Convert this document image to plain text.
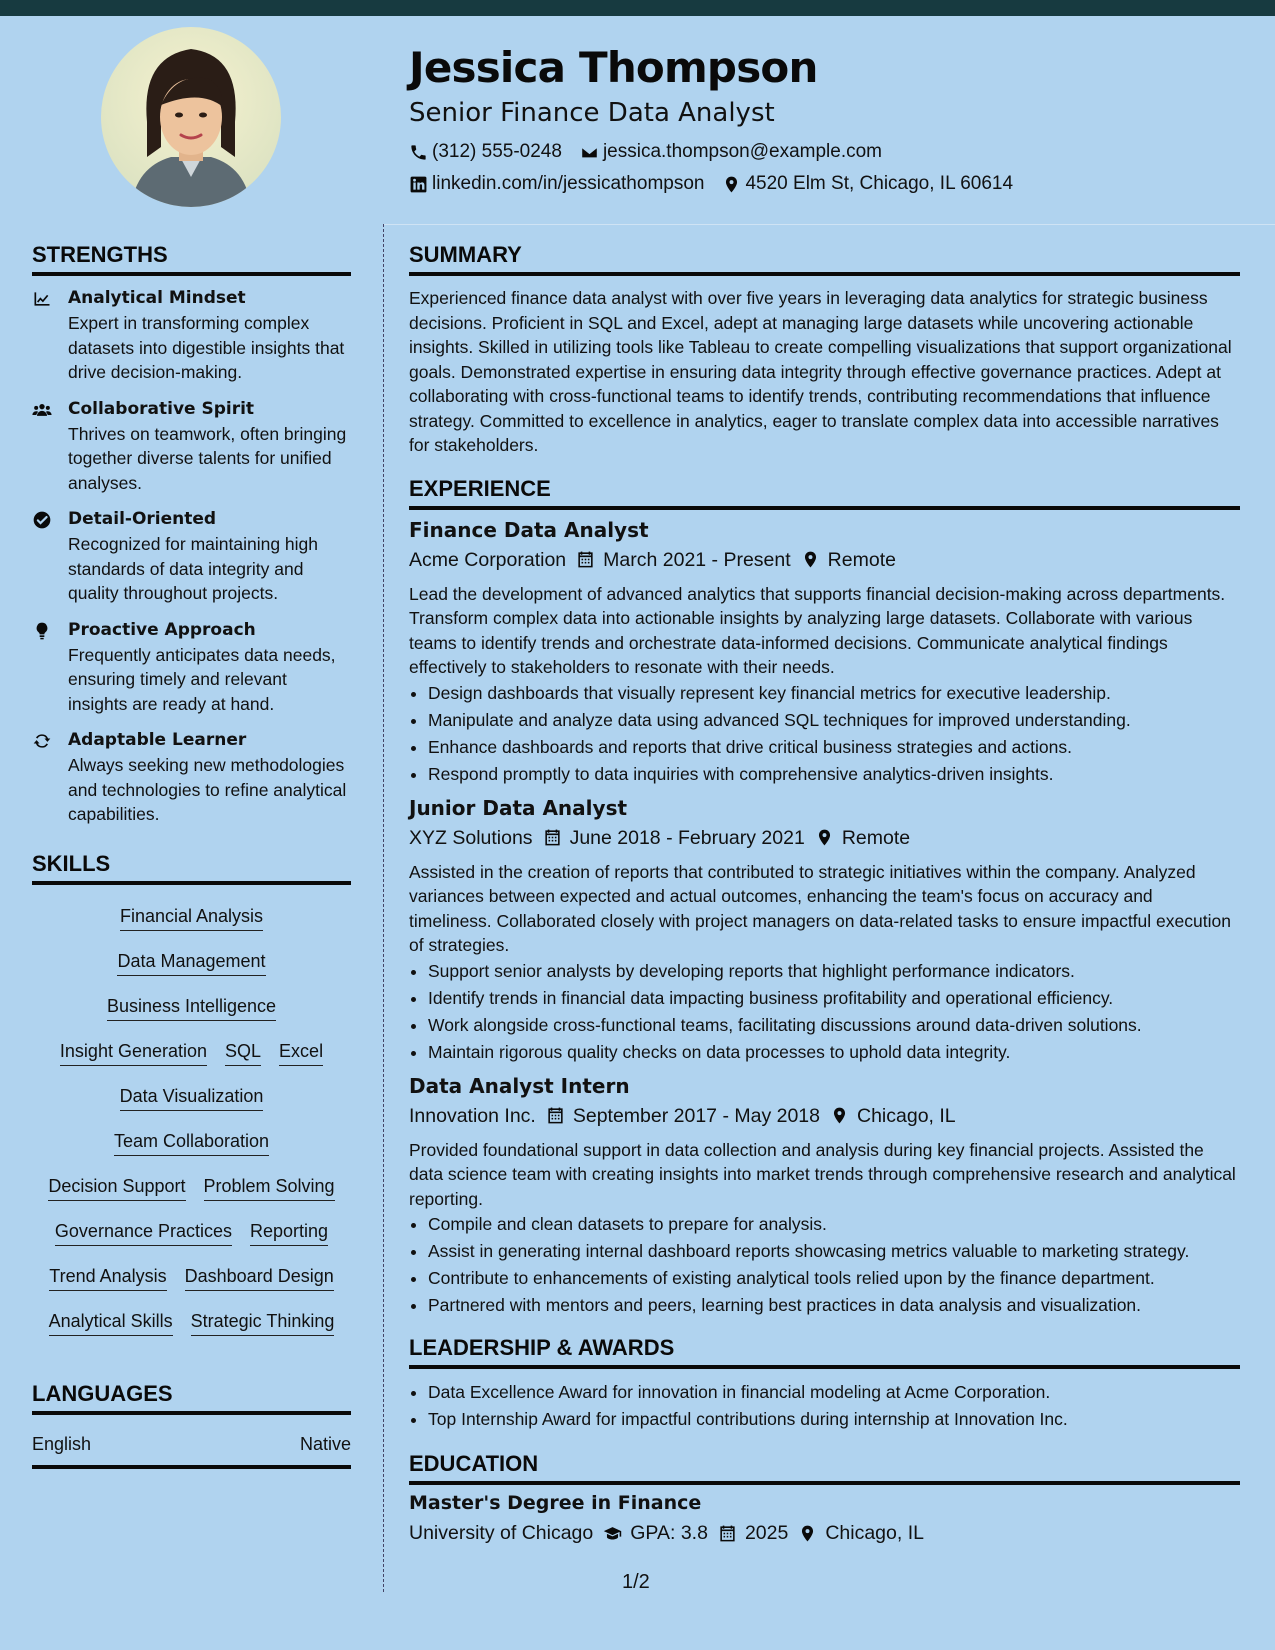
Jessica Thompson
Senior Finance Data Analyst
(312) 555-0248 jessica.thompson@example.com
linkedin.com/in/jessicathompson 4520 Elm St, Chicago, IL 60614
STRENGTHS
Analytical Mindset
Expert in transforming complex datasets into digestible insights that drive decision-making.
Collaborative Spirit
Thrives on teamwork, often bringing together diverse talents for unified analyses.
Detail-Oriented
Recognized for maintaining high standards of data integrity and quality throughout projects.
Proactive Approach
Frequently anticipates data needs, ensuring timely and relevant insights are ready at hand.
Adaptable Learner
Always seeking new methodologies and technologies to refine analytical capabilities.
SKILLS
Financial Analysis
Data Management
Business Intelligence
Insight Generation SQL Excel
Data Visualization
Team Collaboration
Decision Support Problem Solving
Governance Practices Reporting
Trend Analysis Dashboard Design
Analytical Skills Strategic Thinking
LANGUAGES
English	Native
SUMMARY

Experienced finance data analyst with over five years in leveraging data analytics for strategic business decisions. Proficient in SQL and Excel, adept at managing large datasets while uncovering actionable insights. Skilled in utilizing tools like Tableau to create compelling visualizations that support organizational goals. Demonstrated expertise in ensuring data integrity through effective governance practices. Adept at collaborating with cross-functional teams to identify trends, contributing recommendations that influence strategy. Committed to excellence in analytics, eager to translate complex data into accessible narratives for stakeholders.

EXPERIENCE
Finance Data Analyst
Acme Corporation March 2021 - Present Remote

Lead the development of advanced analytics that supports financial decision-making across departments. Transform complex data into actionable insights by analyzing large datasets. Collaborate with various teams to identify trends and orchestrate data-informed decisions. Communicate analytical findings effectively to stakeholders to resonate with their needs.

• Design dashboards that visually represent key financial metrics for executive leadership.
• Manipulate and analyze data using advanced SQL techniques for improved understanding.
• Enhance dashboards and reports that drive critical business strategies and actions.
• Respond promptly to data inquiries with comprehensive analytics-driven insights.
Junior Data Analyst
XYZ Solutions June 2018 - February 2021 Remote

Assisted in the creation of reports that contributed to strategic initiatives within the company. Analyzed variances between expected and actual outcomes, enhancing the team's focus on accuracy and timeliness. Collaborated closely with project managers on data-related tasks to ensure impactful execution of strategies.

• Support senior analysts by developing reports that highlight performance indicators.
• Identify trends in financial data impacting business profitability and operational efficiency.
• Work alongside cross-functional teams, facilitating discussions around data-driven solutions.
• Maintain rigorous quality checks on data processes to uphold data integrity.
Data Analyst Intern
Innovation Inc. September 2017 - May 2018 Chicago, IL

Provided foundational support in data collection and analysis during key financial projects. Assisted the data science team with creating insights into market trends through comprehensive research and analytical reporting.

• Compile and clean datasets to prepare for analysis.
• Assist in generating internal dashboard reports showcasing metrics valuable to marketing strategy.
• Contribute to enhancements of existing analytical tools relied upon by the finance department.
• Partnered with mentors and peers, learning best practices in data analysis and visualization.
LEADERSHIP & AWARDS
• Data Excellence Award for innovation in financial modeling at Acme Corporation.
• Top Internship Award for impactful contributions during internship at Innovation Inc.
EDUCATION
Master's Degree in Finance
University of Chicago GPA: 3.8 2025 Chicago, IL
1/2
